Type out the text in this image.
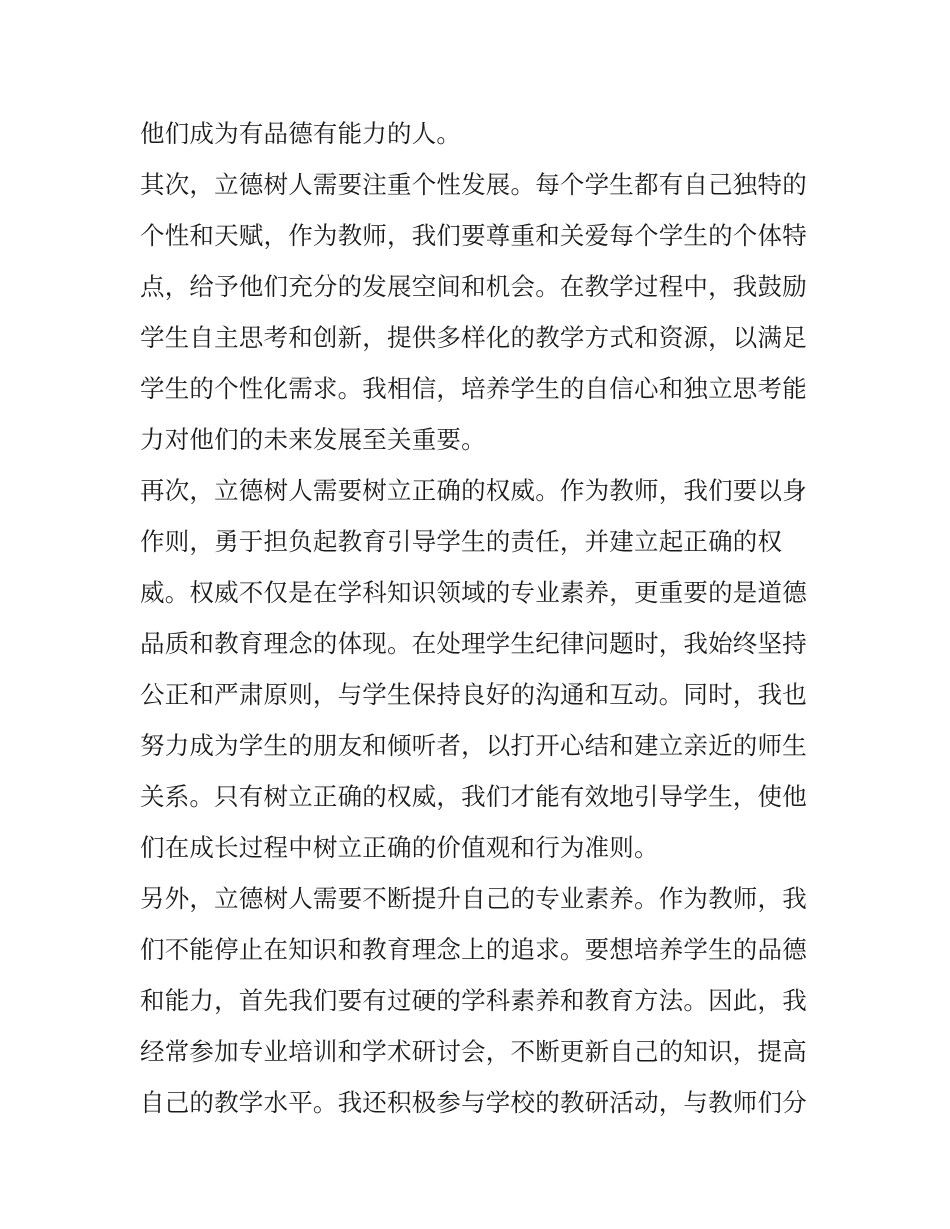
他们成为有品德有能力的人。
其次，立德树人需要注重个性发展。每个学生都有自己独特的
个性和天赋，作为教师，我们要尊重和关爱每个学生的个体特
点，给予他们充分的发展空间和机会。在教学过程中，我鼓励
学生自主思考和创新，提供多样化的教学方式和资源，以满足
学生的个性化需求。我相信，培养学生的自信心和独立思考能
力对他们的未来发展至关重要。
再次，立德树人需要树立正确的权威。作为教师，我们要以身
作则，勇于担负起教育引导学生的责任，并建立起正确的权
威。权威不仅是在学科知识领域的专业素养，更重要的是道德
品质和教育理念的体现。在处理学生纪律问题时，我始终坚持
公正和严肃原则，与学生保持良好的沟通和互动。同时，我也
努力成为学生的朋友和倾听者，以打开心结和建立亲近的师生
关系。只有树立正确的权威，我们才能有效地引导学生，使他
们在成长过程中树立正确的价值观和行为准则。
另外，立德树人需要不断提升自己的专业素养。作为教师，我
们不能停止在知识和教育理念上的追求。要想培养学生的品德
和能力，首先我们要有过硬的学科素养和教育方法。因此，我
经常参加专业培训和学术研讨会，不断更新自己的知识，提高
自己的教学水平。我还积极参与学校的教研活动，与教师们分
